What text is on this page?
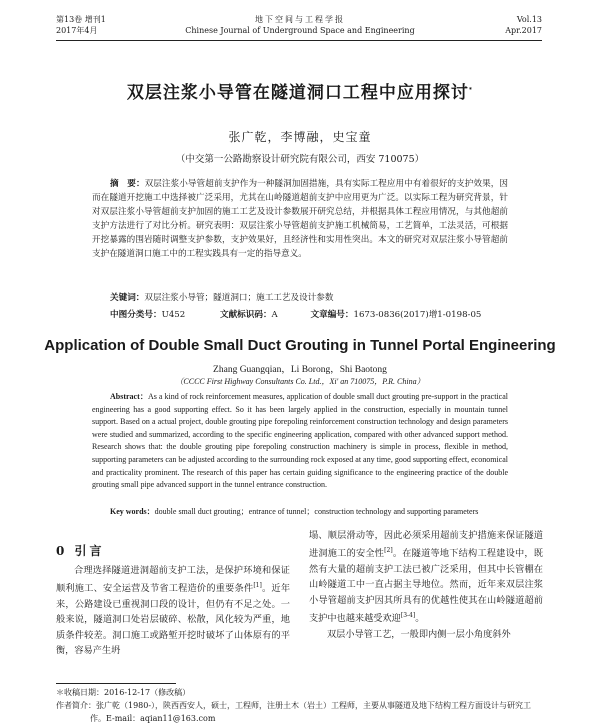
第13卷 增刊1
2017年4月
地下空间与工程学报
Chinese Journal of Underground Space and Engineering
Vol.13
Apr.2017
双层注浆小导管在隧道洞口工程中应用探讨*
张广乾，李博融，史宝童
（中交第一公路勘察设计研究院有限公司，西安 710075）
摘　要：双层注浆小导管超前支护作为一种隧洞加固措施，具有实际工程应用中有着很好的支护效果，因而在隧道开挖施工中选择被广泛采用，尤其在山岭隧道超前支护中应用更为广泛。以实际工程为研究背景，针对双层注浆小导管超前支护加固的施工工艺及设计参数展开研究总结，并根据具体工程应用情况，与其他超前支护方法进行了对比分析。研究表明：双层注浆小导管超前支护施工机械简易，工艺简单，工法灵活，可根据开挖暴露的围岩随时调整支护参数，支护效果好，且经济性和实用性突出。本文的研究对双层注浆小导管超前支护在隧道洞口施工中的工程实践具有一定的指导意义。
关键词：双层注浆小导管；隧道洞口；施工工艺及设计参数
中图分类号：U452	文献标识码：A	文章编号：1673-0836(2017)增1-0198-05
Application of Double Small Duct Grouting in Tunnel Portal Engineering
Zhang Guangqian，Li Borong，Shi Baotong
（CCCC First Highway Consultants Co. Ltd.，Xi' an 710075，P.R. China）
Abstract：As a kind of rock reinforcement measures, application of double small duct grouting pre-support in the practical engineering has a good supporting effect. So it has been largely applied in the construction, especially in mountain tunnel support. Based on a actual project, double grouting pipe forepoling reinforcement construction technology and design parameters were studied and summarized, according to the specific engineering application, compared with other advanced support method. Research shows that: the double grouting pipe forepoling construction machinery is simple in process, flexible in method, supporting parameters can be adjusted according to the surrounding rock exposed at any time, good supporting effect, economical and practicality prominent. The research of this paper has certain guiding significance to the engineering practice of the double grouting small pipe advanced support in the tunnel entrance construction.
Key words：double small duct grouting；entrance of tunnel；construction technology and supporting parameters
0 引言
合理选择隧道进洞超前支护工法，是保护环境和保证顺利施工、安全运营及节省工程造价的重要条件[1]。近年来，公路建设已重视洞口段的设计，但仍有不足之处。一般来说，隧道洞口处岩层破碎、松散，风化较为严重，地质条件较差。洞口施工或路堑开挖时破坏了山体原有的平衡，容易产生坍
塌、顺层滑动等，因此必须采用超前支护措施来保证隧道进洞施工的安全性[2]。在隧道等地下结构工程建设中，既然有大量的超前支护工法已被广泛采用，但其中长管棚在山岭隧道工中一直占据主导地位。然而，近年来双层注浆小导管超前支护因其所具有的优越性使其在山岭隧道超前支护中也越来越受欢迎[3-4]。
双层小导管工艺，一般即内侧一层小角度斜外
＊收稿日期：2016-12-17（修改稿）
作者简介：张广乾（1980-），陕西西安人，硕士，工程师，注册土木（岩土）工程师，主要从事隧道及地下结构工程方面设计与研究工作。E-mail：aqian11@163.com
